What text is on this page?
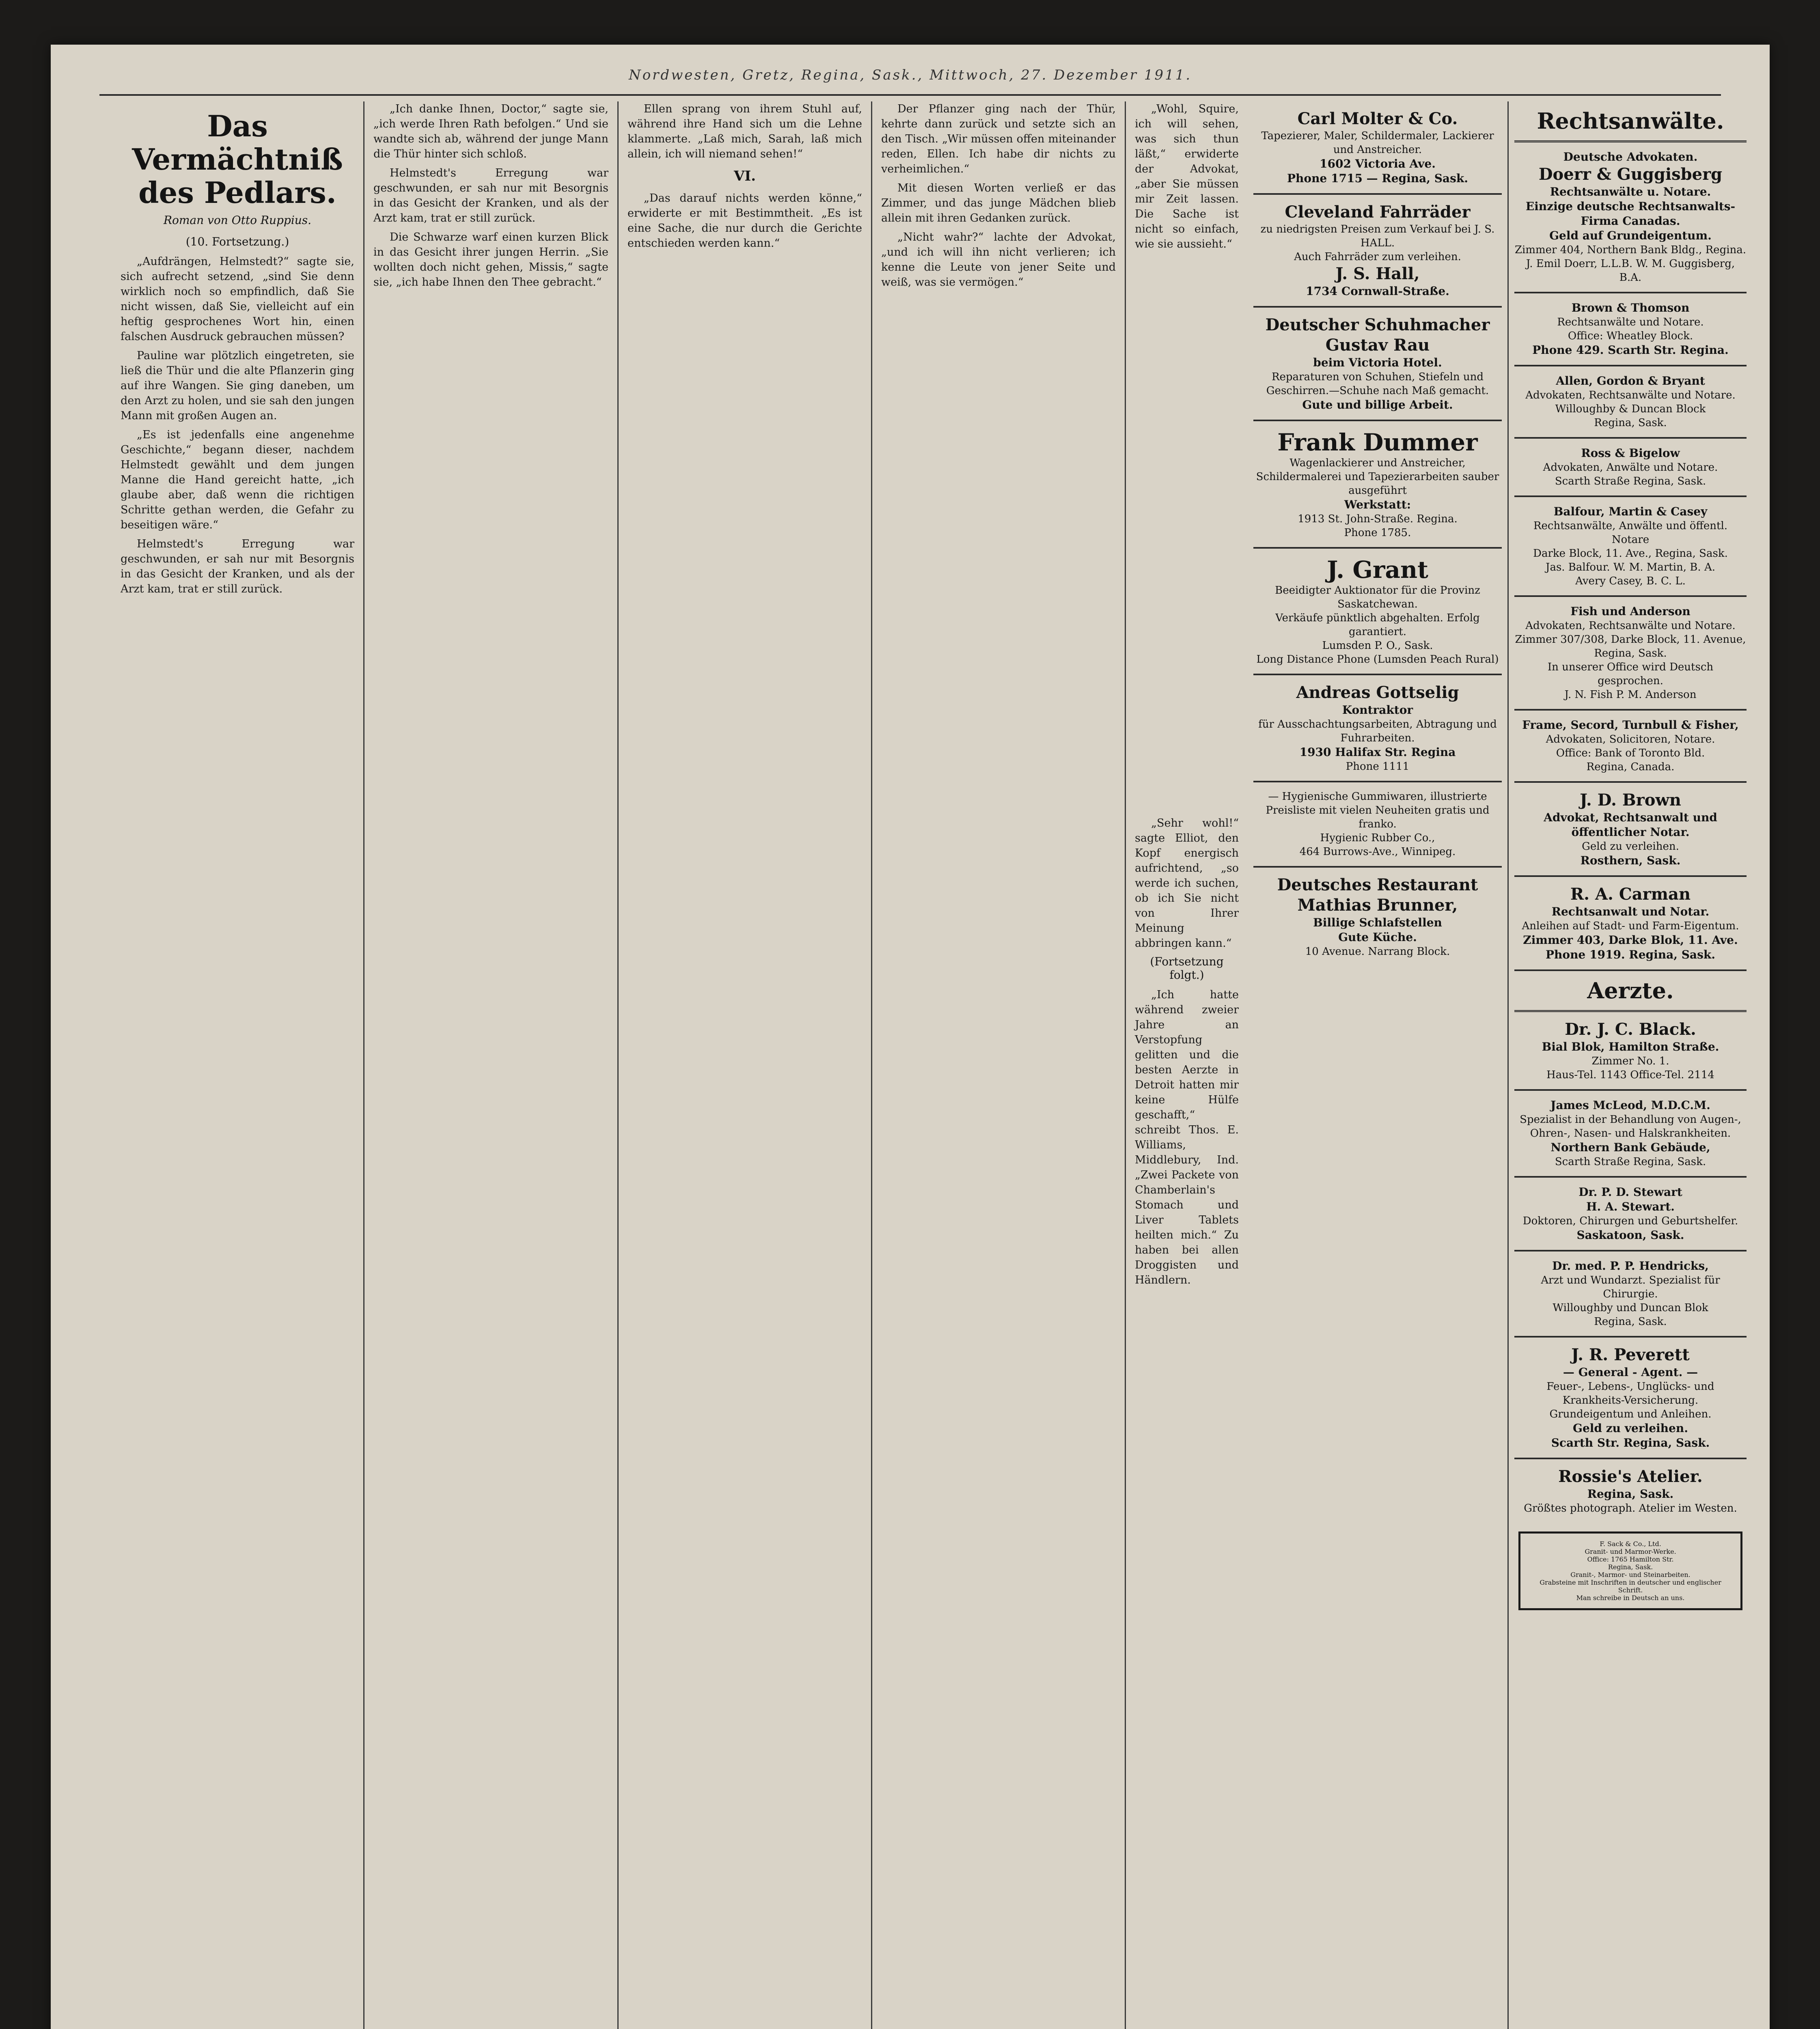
Nordwesten, Gretz, Regina, Sask., Mittwoch, 27. Dezember 1911.
Das Vermächtniß des Pedlars.
Roman von Otto Ruppius.
(10. Fortsetzung.)

„Aufdrängen, Helmstedt?“ sagte sie, sich aufrecht setzend, „sind Sie denn wirklich noch so empfindlich, daß Sie nicht wissen, daß Sie, vielleicht auf ein heftig gesprochenes Wort hin, einen falschen Ausdruck gebrauchen müssen?

Pauline war plötzlich eingetreten, sie ließ die Thür und die alte Pflanzerin ging auf ihre Wangen. Sie ging daneben, um den Arzt zu holen, und sie sah den jungen Mann mit großen Augen an.

„Es ist jedenfalls eine angenehme Geschichte,“ begann dieser, nachdem Helmstedt gewählt und dem jungen Manne die Hand gereicht hatte, „ich glaube aber, daß wenn die richtigen Schritte gethan werden, die Gefahr zu beseitigen wäre.“

Helmstedt's Erregung war geschwunden, er sah nur mit Besorgnis in das Gesicht der Kranken, und als der Arzt kam, trat er still zurück.

„Ich danke Ihnen, Doctor,“ sagte sie, „ich werde Ihren Rath befolgen.“ Und sie wandte sich ab, während der junge Mann die Thür hinter sich schloß.

Helmstedt's Erregung war geschwunden, er sah nur mit Besorgnis in das Gesicht der Kranken, und als der Arzt kam, trat er still zurück.

Die Schwarze warf einen kurzen Blick in das Gesicht ihrer jungen Herrin. „Sie wollten doch nicht gehen, Missis,“ sagte sie, „ich habe Ihnen den Thee gebracht.“

Ellen sprang von ihrem Stuhl auf, während ihre Hand sich um die Lehne klammerte. „Laß mich, Sarah, laß mich allein, ich will niemand sehen!“

VI.

„Das darauf nichts werden könne,“ erwiderte er mit Bestimmtheit. „Es ist eine Sache, die nur durch die Gerichte entschieden werden kann.“

Der Pflanzer ging nach der Thür, kehrte dann zurück und setzte sich an den Tisch. „Wir müssen offen miteinander reden, Ellen. Ich habe dir nichts zu verheimlichen.“

Mit diesen Worten verließ er das Zimmer, und das junge Mädchen blieb allein mit ihren Gedanken zurück.

„Nicht wahr?“ lachte der Advokat, „und ich will ihn nicht verlieren; ich kenne die Leute von jener Seite und weiß, was sie vermögen.“

„Wohl, Squire, ich will sehen, was sich thun läßt,“ erwiderte der Advokat, „aber Sie müssen mir Zeit lassen. Die Sache ist nicht so einfach, wie sie aussieht.“

„Sehr wohl!“ sagte Elliot, den Kopf energisch aufrichtend, „so werde ich suchen, ob ich Sie nicht von Ihrer Meinung abbringen kann.“

(Fortsetzung folgt.)

„Ich hatte während zweier Jahre an Verstopfung gelitten und die besten Aerzte in Detroit hatten mir keine Hülfe geschafft,“ schreibt Thos. E. Williams, Middlebury, Ind. „Zwei Packete von Chamberlain's Stomach und Liver Tablets heilten mich.“ Zu haben bei allen Droggisten und Händlern.

Carl Molter & Co.
Tapezierer, Maler, Schildermaler, Lackierer und Anstreicher.
1602 Victoria Ave.
Phone 1715 — Regina, Sask.
Cleveland Fahrräder
zu niedrigsten Preisen zum Verkauf bei J. S. HALL.
Auch Fahrräder zum verleihen.
J. S. Hall,
1734 Cornwall-Straße.
Deutscher Schuhmacher Gustav Rau
beim Victoria Hotel.
Reparaturen von Schuhen, Stiefeln und Geschirren.—Schuhe nach Maß gemacht.
Gute und billige Arbeit.
Frank Dummer
Wagenlackierer und Anstreicher, Schildermalerei und Tapezierarbeiten sauber ausgeführt
Werkstatt:
1913 St. John-Straße. Regina.
Phone 1785.
J. Grant
Beeidigter Auktionator für die Provinz Saskatchewan.
Verkäufe pünktlich abgehalten. Erfolg garantiert.
Lumsden P. O., Sask.
Long Distance Phone (Lumsden Peach Rural)
Andreas Gottselig
Kontraktor
für Ausschachtungsarbeiten, Abtragung und Fuhrarbeiten.
1930 Halifax Str. Regina
Phone 1111
— Hygienische Gummiwaren, illustrierte Preisliste mit vielen Neuheiten gratis und franko.
Hygienic Rubber Co.,
464 Burrows-Ave., Winnipeg.
Deutsches Restaurant
Mathias Brunner,
Billige Schlafstellen
Gute Küche.
10 Avenue. Narrang Block.
Rechtsanwälte.
Deutsche Advokaten.
Doerr & Guggisberg
Rechtsanwälte u. Notare.
Einzige deutsche Rechtsanwalts-Firma Canadas.
Geld auf Grundeigentum.
Zimmer 404, Northern Bank Bldg., Regina.
J. Emil Doerr, L.L.B. W. M. Guggisberg, B.A.
Brown & Thomson
Rechtsanwälte und Notare.
Office: Wheatley Block.
Phone 429. Scarth Str. Regina.
Allen, Gordon & Bryant
Advokaten, Rechtsanwälte und Notare.
Willoughby & Duncan Block
Regina, Sask.
Ross & Bigelow
Advokaten, Anwälte und Notare.
Scarth Straße Regina, Sask.
Balfour, Martin & Casey
Rechtsanwälte, Anwälte und öffentl. Notare
Darke Block, 11. Ave., Regina, Sask.
Jas. Balfour. W. M. Martin, B. A.
Avery Casey, B. C. L.
Fish und Anderson
Advokaten, Rechtsanwälte und Notare.
Zimmer 307/308, Darke Block, 11. Avenue, Regina, Sask.
In unserer Office wird Deutsch gesprochen.
J. N. Fish P. M. Anderson
Frame, Secord, Turnbull & Fisher,
Advokaten, Solicitoren, Notare.
Office: Bank of Toronto Bld.
Regina, Canada.
J. D. Brown
Advokat, Rechtsanwalt und öffentlicher Notar.
Geld zu verleihen.
Rosthern, Sask.
R. A. Carman
Rechtsanwalt und Notar.
Anleihen auf Stadt- und Farm-Eigentum.
Zimmer 403, Darke Blok, 11. Ave.
Phone 1919. Regina, Sask.
Aerzte.
Dr. J. C. Black.
Bial Blok, Hamilton Straße.
Zimmer No. 1.
Haus-Tel. 1143 Office-Tel. 2114
James McLeod, M.D.C.M.
Spezialist in der Behandlung von Augen-, Ohren-, Nasen- und Halskrankheiten.
Northern Bank Gebäude,
Scarth Straße Regina, Sask.
Dr. P. D. Stewart
H. A. Stewart.
Doktoren, Chirurgen und Geburtshelfer.
Saskatoon, Sask.
Dr. med. P. P. Hendricks,
Arzt und Wundarzt. Spezialist für Chirurgie.
Willoughby und Duncan Blok
Regina, Sask.
J. R. Peverett
— General - Agent. —
Feuer-, Lebens-, Unglücks- und Krankheits-Versicherung.
Grundeigentum und Anleihen.
Geld zu verleihen.
Scarth Str. Regina, Sask.
Rossie's Atelier.
Regina, Sask.
Größtes photograph. Atelier im Westen.
F. Sack & Co., Ltd.
Granit- und Marmor-Werke.
Office: 1765 Hamilton Str.
Regina, Sask.
Granit-, Marmor- und Steinarbeiten.
Grabsteine mit Inschriften in deutscher und englischer Schrift.
Man schreibe in Deutsch an uns.
